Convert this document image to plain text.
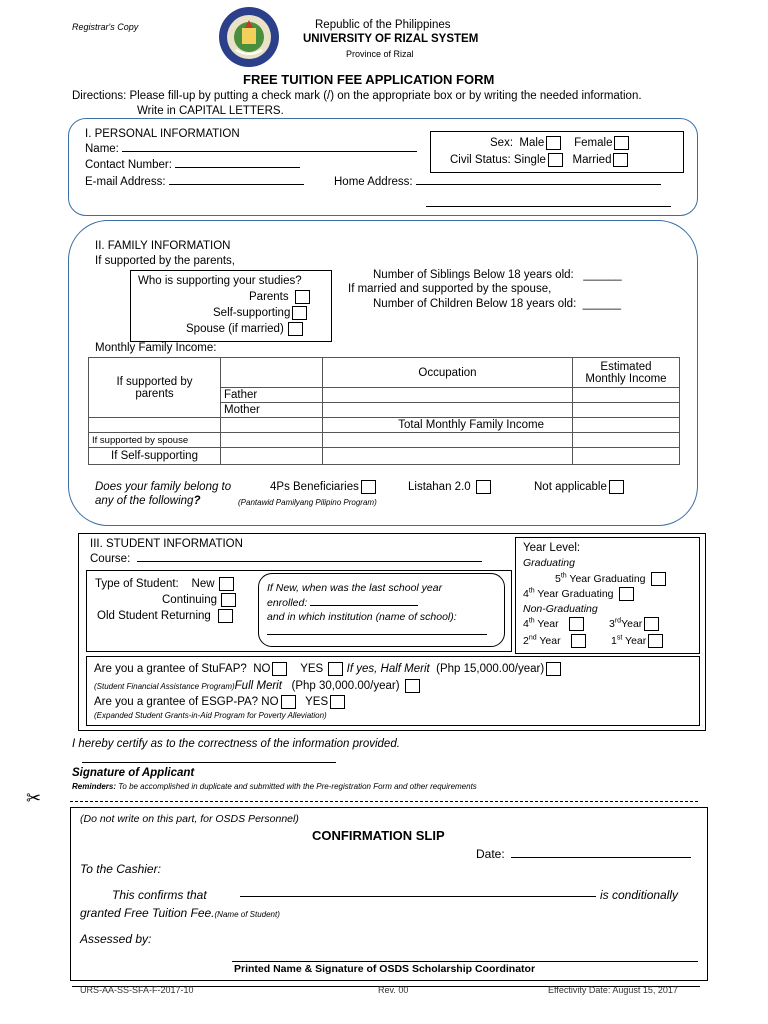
Registrar's Copy	Republic of the Philippines
UNIVERSITY OF RIZAL SYSTEM
Province of Rizal
FREE TUITION FEE APPLICATION FORM
Directions: Please fill-up by putting a check mark (/) on the appropriate box or by writing the needed information.
Write in CAPITAL LETTERS.
I. PERSONAL INFORMATION
Name:
Contact Number:
E-mail Address:	Home Address:
Sex: Male	Female
Civil Status: Single Married
II. FAMILY INFORMATION
If supported by the parents,
Who is supporting your studies?
Parents
Self-supporting
Spouse (if married)
Number of Siblings Below 18 years old: ______
If married and supported by the spouse,
Number of Children Below 18 years old: ______
Monthly Family Income:
If supported by
parents		Occupation	Estimated
Monthly Income
	Father		
	Mother		
		Total Monthly Family Income	
If supported by spouse			
If Self-supporting			
Does your family belong to
any of the following?
4Ps Beneficiaries
(Pantawid Pamilyang Pilipino Program)
Listahan 2.0	Not applicable
III. STUDENT INFORMATION
Course:
Year Level:
Graduating
5th Year Graduating
4th Year Graduating
Non-Graduating
4th Year	3rdYear
2nd Year	1st Year
Type of Student: New
Continuing
Old Student Returning
If New, when was the last school year
enrolled:
and in which institution (name of school):
Are you a grantee of StuFAP? NO	YES If yes, Half Merit (Php 15,000.00/year)
(Student Financial Assistance Program)Full Merit (Php 30,000.00/year)
Are you a grantee of ESGP-PA? NO YES
(Expanded Student Grants-in-Aid Program for Poverty Alleviation)
I hereby certify as to the correctness of the information provided.
Signature of Applicant
Reminders: To be accomplished in duplicate and submitted with the Pre-registration Form and other requirements
✂
(Do not write on this part, for OSDS Personnel)
CONFIRMATION SLIP
Date:
To the Cashier:
This confirms that	is conditionally
granted Free Tuition Fee.(Name of Student)
Assessed by:
Printed Name & Signature of OSDS Scholarship Coordinator
URS-AA-SS-SFA-F-2017-10	Rev. 00	Effectivity Date: August 15, 2017
